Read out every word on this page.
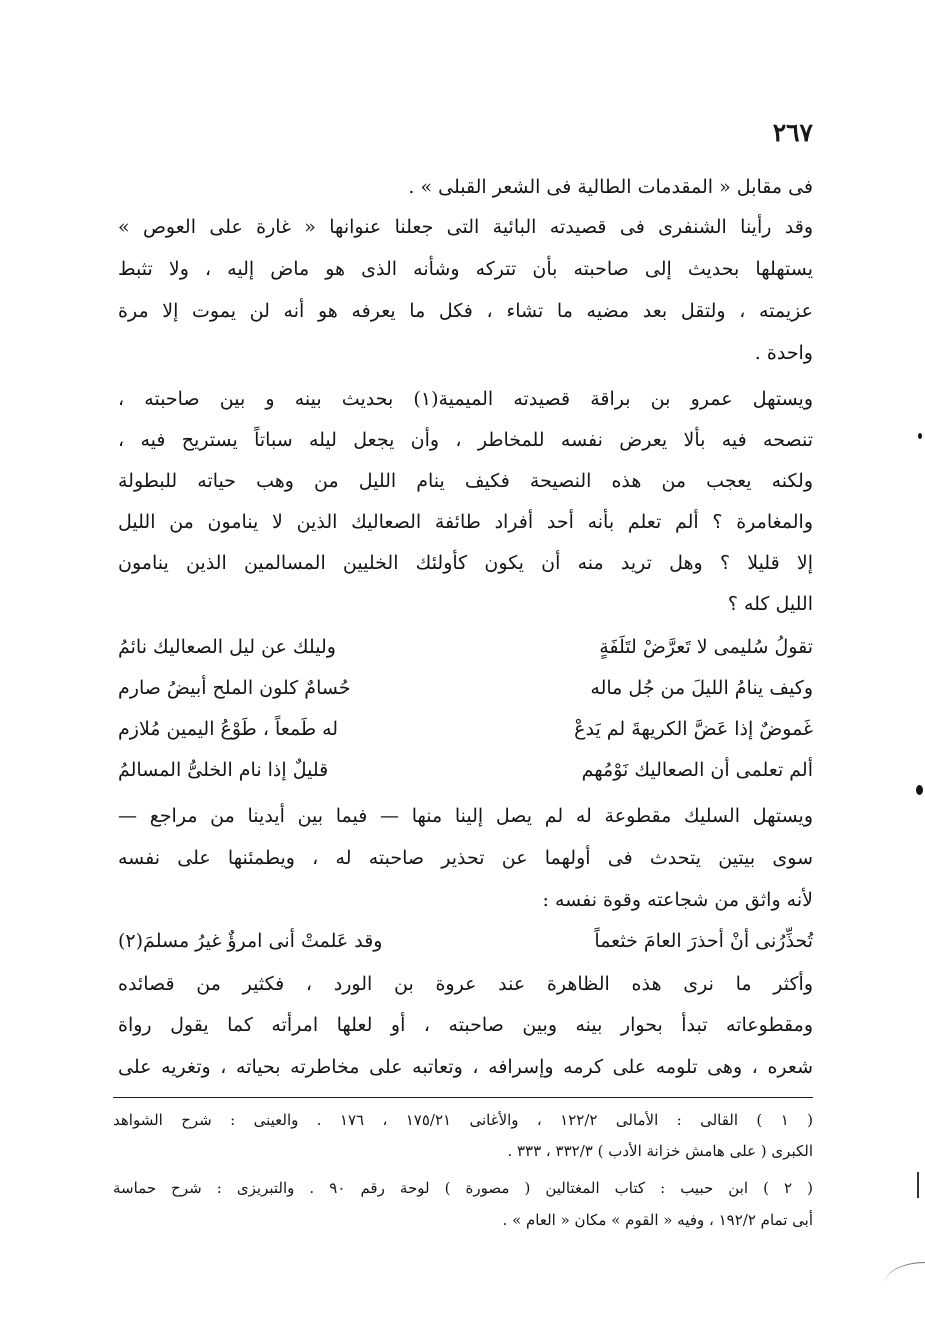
٢٦٧
فى مقابل « المقدمات الطالية فى الشعر القبلى » .
وقد رأينا الشنفرى فى قصيدته البائية التى جعلنا عنوانها « غارة على العوص »
يستهلها بحديث إلى صاحبته بأن تتركه وشأنه الذى هو ماض إليه ، ولا تثبط
عزيمته ، ولتقل بعد مضيه ما تشاء ، فكل ما يعرفه هو أنه لن يموت إلا مرة
واحدة .
ويستهل عمرو بن براقة قصيدته الميمية(١) بحديث بينه و بين صاحبته ،
تنصحه فيه بألا يعرض نفسه للمخاطر ، وأن يجعل ليله سباتاً يستريح فيه ،
ولكنه يعجب من هذه النصيحة فكيف ينام الليل من وهب حياته للبطولة
والمغامرة ؟ ألم تعلم بأنه أحد أفراد طائفة الصعاليك الذين لا ينامون من الليل
إلا قليلا ؟ وهل تريد منه أن يكون كأولئك الخليين المسالمين الذين ينامون
الليل كله ؟
تقولُ سُليمى لا تَعرَّضْ لتَلَفَةٍ
وليلك عن ليل الصعاليك نائمُ
وكيف ينامُ الليلَ من جُل ماله
حُسامٌ كلون الملح أبيضُ صارم
غَموضٌ إذا عَضَّ الكريهةَ لم يَدعْ
له طَمعاً ، طَوْعُ اليمين مُلازم
ألم تعلمى أن الصعاليك نَوْمُهم
قليلٌ إذا نام الخلىُّ المسالمُ
ويستهل السليك مقطوعة له لم يصل إلينا منها — فيما بين أيدينا من مراجع —
سوى بيتين يتحدث فى أولهما عن تحذير صاحبته له ، ويطمئنها على نفسه
لأنه واثق من شجاعته وقوة نفسه :
تُحذِّرُنى أنْ أحذرَ العامَ خثعماً
وقد عَلمتْ أنى امرؤٌ غيرُ مسلمَ(٢)
وأكثر ما نرى هذه الظاهرة عند عروة بن الورد ، فكثير من قصائده
ومقطوعاته تبدأ بحوار بينه وبين صاحبته ، أو لعلها امرأته كما يقول رواة
شعره ، وهى تلومه على كرمه وإسرافه ، وتعاتبه على مخاطرته بحياته ، وتغريه على
( ١ ) القالى : الأمالى ١٢٢/٢ ، والأغانى ١٧٥/٢١ ، ١٧٦ . والعينى : شرح الشواهد
الكبرى ( على هامش خزانة الأدب ) ٣٣٢/٣ ، ٣٣٣ .
( ٢ ) ابن حبيب : كتاب المغتالين ( مصورة ) لوحة رقم ٩٠ . والتبريزى : شرح حماسة
أبى تمام ١٩٢/٢ ، وفيه « القوم » مكان « العام » .
